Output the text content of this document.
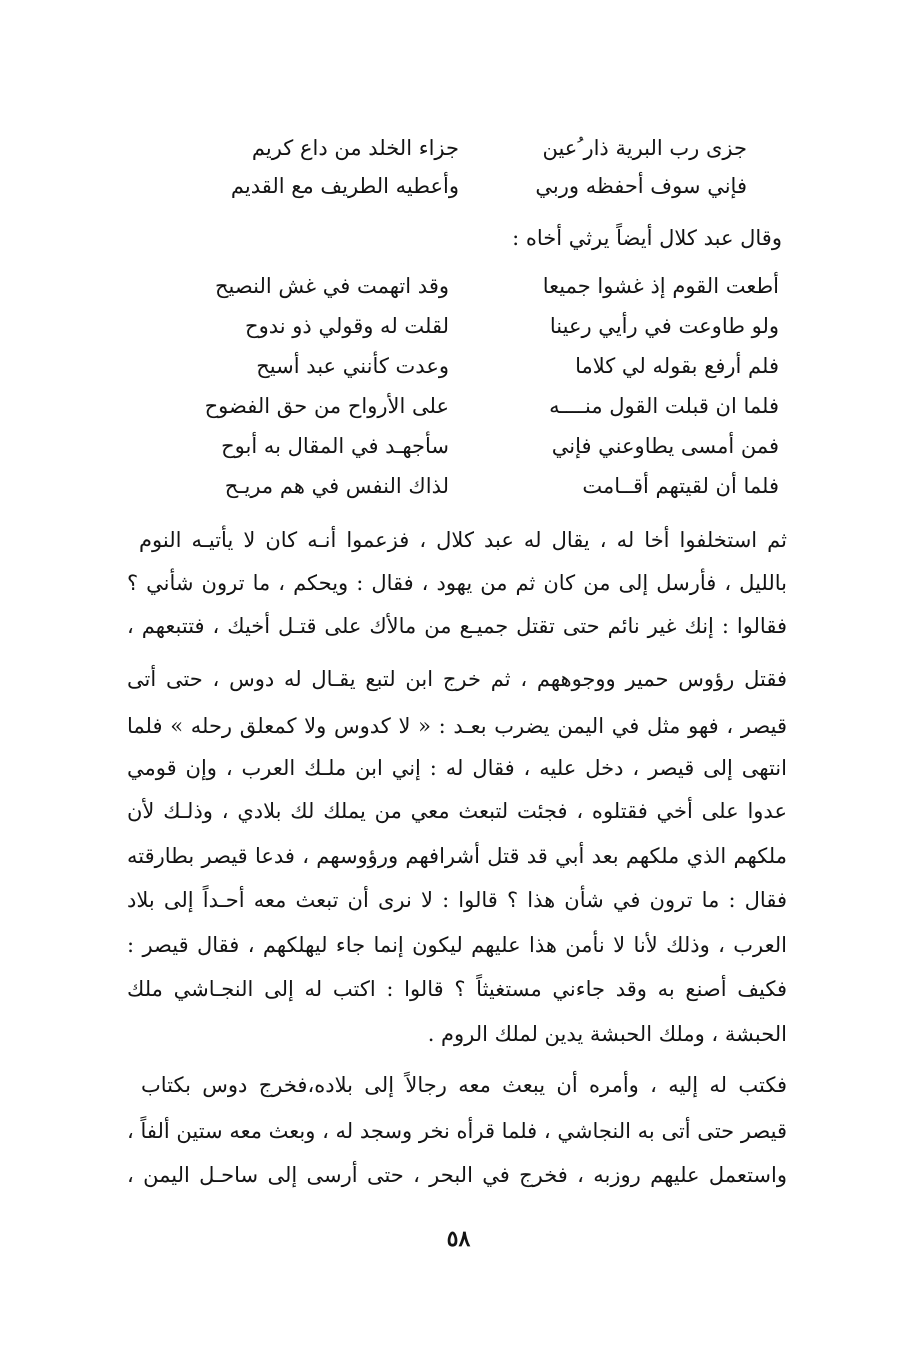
جزى رب البرية ذار ُعين
جزاء الخلد من داع كريم
فإني سوف أحفظه وربي
وأعطيه الطريف مع القديم
وقال عبد كلال أيضاً يرثي أخاه :
أطعت القوم إذ غشوا جميعا
وقد اتهمت في غش النصيح
ولو طاوعت في رأيي رعينا
لقلت له وقولي ذو ندوح
فلم أرفع بقوله لي كلاما
وعدت كأنني عبد أسيح
فلما ان قبلت القول منــــه
على الأرواح من حق الفضوح
فمن أمسى يطاوعني فإني
سأجهـد في المقال به أبوح
فلما أن لقيتهم أقــامت
لذاك النفس في هم مريـح
ثم استخلفوا أخا له ، يقال له عبد كلال ، فزعموا أنـه كان لا يأتيـه النوم
بالليل ، فأرسل إلى من كان ثم من يهود ، فقال : ويحكم ، ما ترون شأني ؟
فقالوا : إنك غير نائم حتى تقتل جميـع من مالأك على قتـل أخيك ، فتتبعهم ،
فقتل رؤوس حمير ووجوههم ، ثم خرج ابن لتبع يقـال له دوس ، حتى أتى
قيصر ، فهو مثل في اليمن يضرب بعـد : « لا كدوس ولا كمعلق رحله » فلما
انتهى إلى قيصر ، دخل عليه ، فقال له : إني ابن ملـك العرب ، وإن قومي
عدوا على أخي فقتلوه ، فجئت لتبعث معي من يملك لك بلادي ، وذلـك لأن
ملكهم الذي ملكهم بعد أبي قد قتل أشرافهم ورؤوسهم ، فدعا قيصر بطارقته
فقال : ما ترون في شأن هذا ؟ قالوا : لا نرى أن تبعث معه أحـداً إلى بلاد
العرب ، وذلك لأنا لا نأمن هذا عليهم ليكون إنما جاء ليهلكهم ، فقال قيصر :
فكيف أصنع به وقد جاءني مستغيثاً ؟ قالوا : اكتب له إلى النجـاشي ملك
الحبشة ، وملك الحبشة يدين لملك الروم .
فكتب له إليه ، وأمره أن يبعث معه رجالاً إلى بلاده،فخرج دوس بكتاب
قيصر حتى أتى به النجاشي ، فلما قرأه نخر وسجد له ، وبعث معه ستين ألفاً ،
واستعمل عليهم روزبه ، فخرج في البحر ، حتى أرسى إلى ساحـل اليمن ،
٥٨
